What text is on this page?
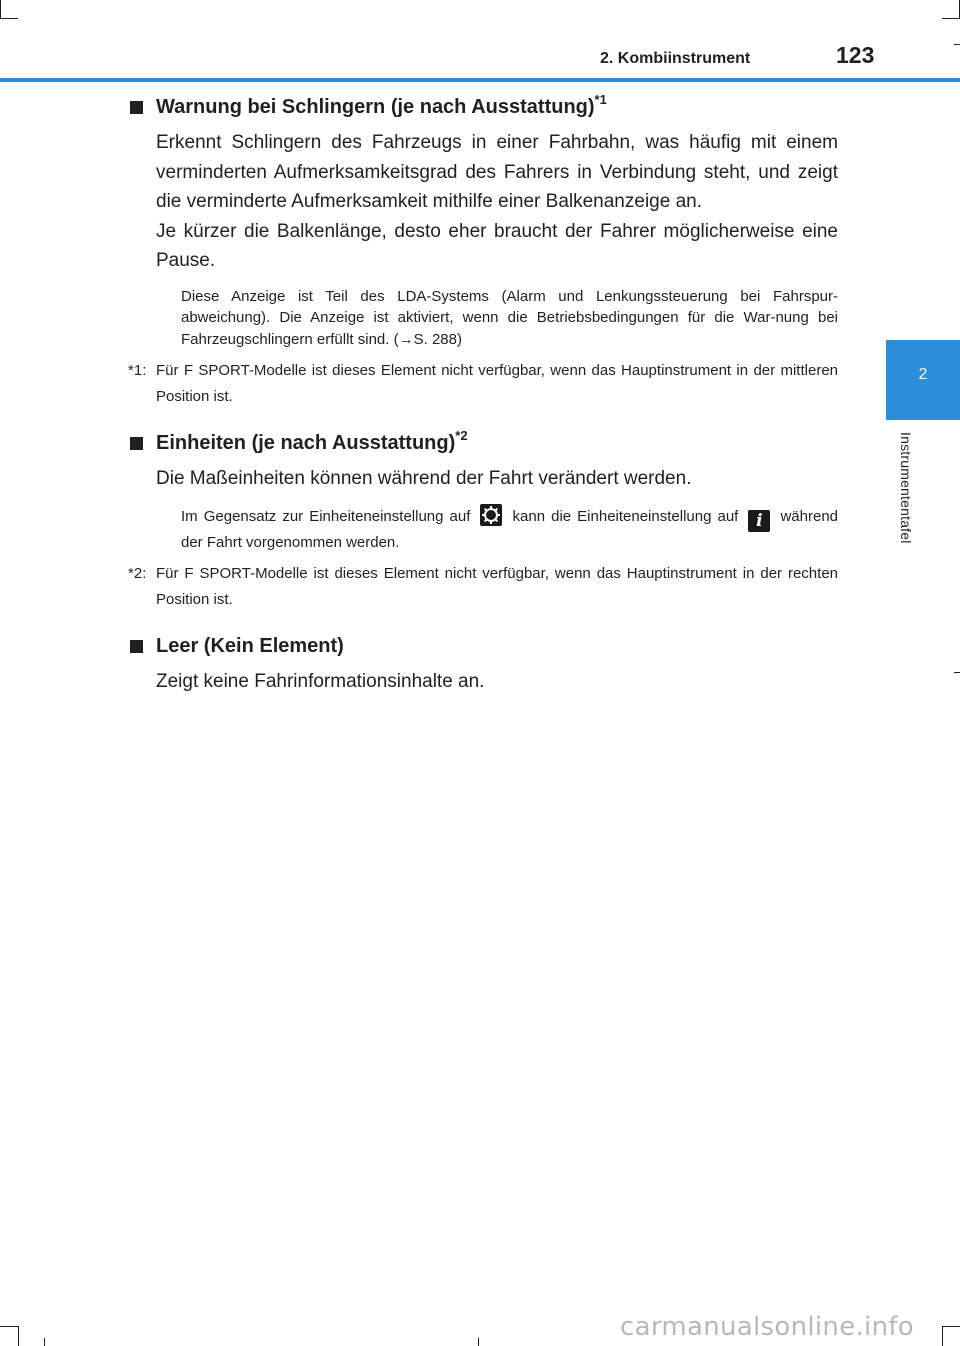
2. Kombiinstrument	123
2
Instrumententafel
Warnung bei Schlingern (je nach Ausstattung)$^{*1}$

Erkennt Schlingern des Fahrzeugs in einer Fahrbahn, was häufig mit einem verminderten Aufmerksamkeitsgrad des Fahrers in Verbindung steht, und zeigt die verminderte Aufmerksamkeit mithilfe einer Balkenanzeige an.

Je kürzer die Balkenlänge, desto eher braucht der Fahrer möglicherweise eine Pause.

Diese Anzeige ist Teil des LDA-Systems (Alarm und Lenkungssteuerung bei Fahrspur-abweichung). Die Anzeige ist aktiviert, wenn die Betriebsbedingungen für die War-nung bei Fahrzeugschlingern erfüllt sind. (→S. 288)

*1: Für F SPORT-Modelle ist dieses Element nicht verfügbar, wenn das Hauptinstrument in der mittleren Position ist.
Einheiten (je nach Ausstattung)$^{*2}$

Die Maßeinheiten können während der Fahrt verändert werden.

Im Gegensatz zur Einheiteneinstellung auf	kann die Einheiteneinstellung auf i während der Fahrt vorgenommen werden.

*2: Für F SPORT-Modelle ist dieses Element nicht verfügbar, wenn das Hauptinstrument in der rechten Position ist.
Leer (Kein Element)

Zeigt keine Fahrinformationsinhalte an.

carmanualsonline.info
